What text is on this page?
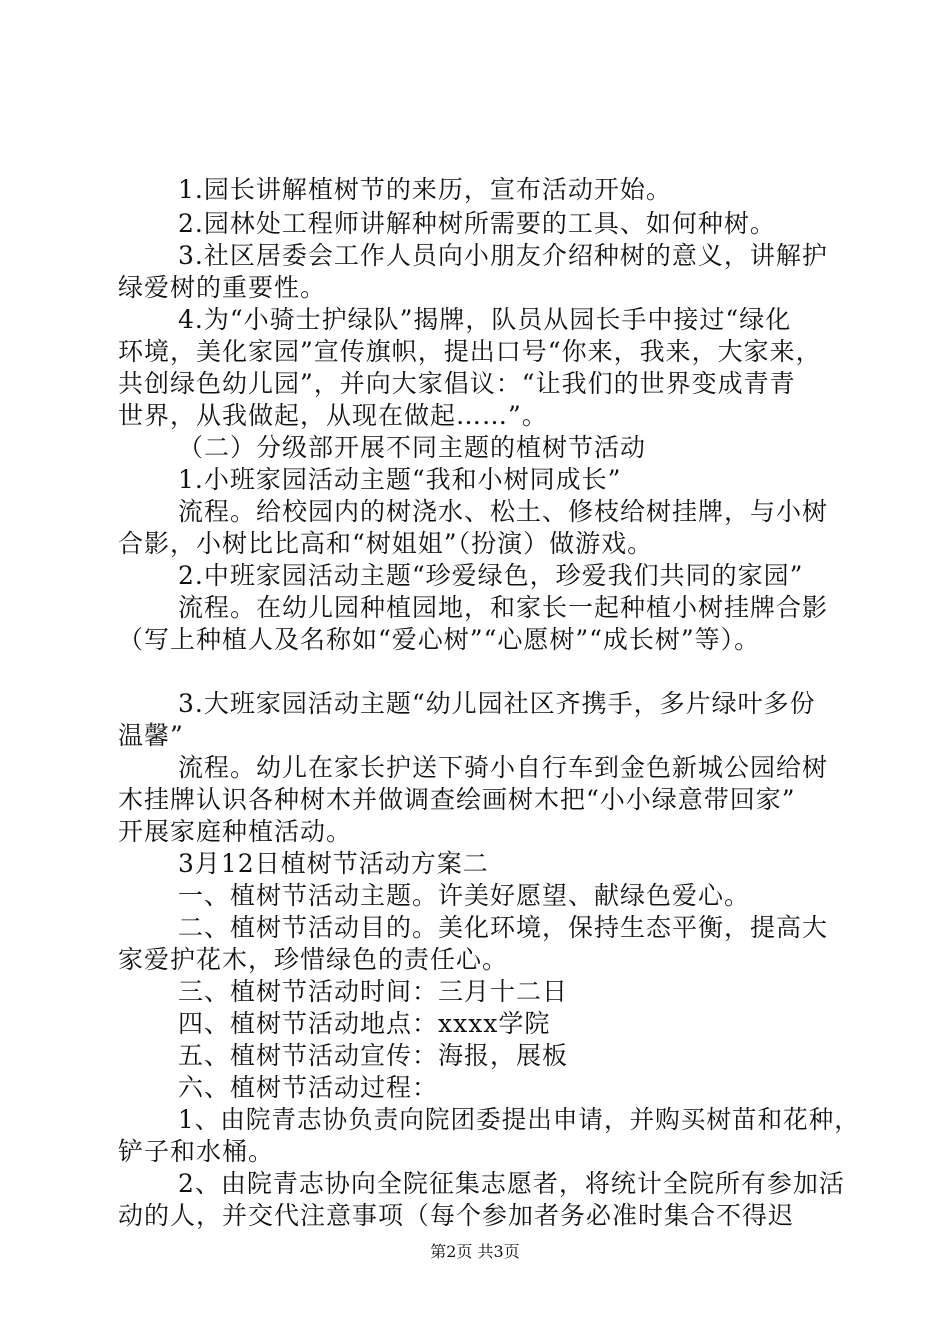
1.园长讲解植树节的来历，宣布活动开始。
2.园林处工程师讲解种树所需要的工具、如何种树。
3.社区居委会工作人员向小朋友介绍种树的意义，讲解护
绿爱树的重要性。
4.为“小骑士护绿队”揭牌，队员从园长手中接过“绿化
环境，美化家园”宣传旗帜，提出口号“你来，我来，大家来，
共创绿色幼儿园”，并向大家倡议：“让我们的世界变成青青
世界，从我做起，从现在做起……”。
（二）分级部开展不同主题的植树节活动
1.小班家园活动主题“我和小树同成长”
流程。给校园内的树浇水、松土、修枝给树挂牌，与小树
合影，小树比比高和“树姐姐”（扮演）做游戏。
2.中班家园活动主题“珍爱绿色，珍爱我们共同的家园”
流程。在幼儿园种植园地，和家长一起种植小树挂牌合影
（写上种植人及名称如“爱心树”“心愿树”“成长树”等）。
3.大班家园活动主题“幼儿园社区齐携手，多片绿叶多份
温馨”
流程。幼儿在家长护送下骑小自行车到金色新城公园给树
木挂牌认识各种树木并做调查绘画树木把“小小绿意带回家”
开展家庭种植活动。
3月12日植树节活动方案二
一、植树节活动主题。许美好愿望、献绿色爱心。
二、植树节活动目的。美化环境，保持生态平衡，提高大
家爱护花木，珍惜绿色的责任心。
三、植树节活动时间：三月十二日
四、植树节活动地点：xxxx学院
五、植树节活动宣传：海报，展板
六、植树节活动过程：
1、由院青志协负责向院团委提出申请，并购买树苗和花种，
铲子和水桶。
2、由院青志协向全院征集志愿者，将统计全院所有参加活
动的人，并交代注意事项（每个参加者务必准时集合不得迟
第2页 共3页
